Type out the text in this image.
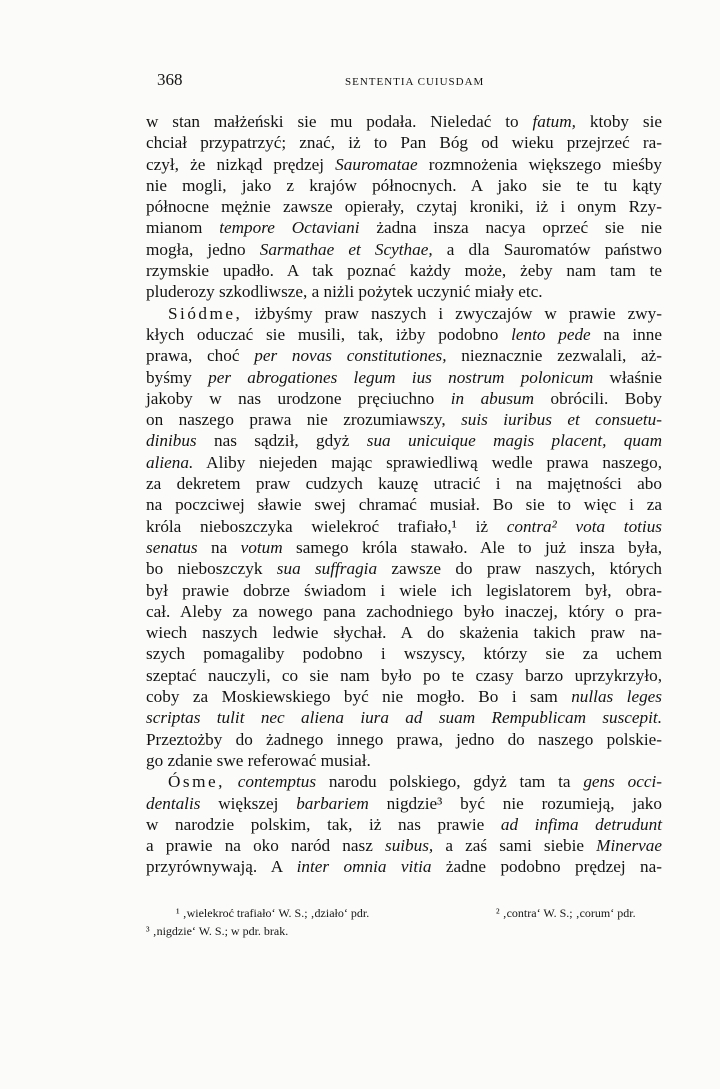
368	SENTENTIA CUIUSDAM
w stan małżeński sie mu podała. Nieledać to fatum, ktoby sie
chciał przypatrzyć; znać, iż to Pan Bóg od wieku przejrzeć ra-
czył, że nizkąd prędzej Sauromatae rozmnożenia większego mieśby
nie mogli, jako z krajów północnych. A jako sie te tu kąty
północne mężnie zawsze opierały, czytaj kroniki, iż i onym Rzy-
mianom tempore Octaviani żadna insza nacya oprzeć sie nie
mogła, jedno Sarmathae et Scythae, a dla Sauromatów państwo
rzymskie upadło. A tak poznać każdy może, żeby nam tam te
pluderozy szkodliwsze, a niżli pożytek uczynić miały etc.
Siódme, iżbyśmy praw naszych i zwyczajów w prawie zwy-
kłych oduczać sie musili, tak, iżby podobno lento pede na inne
prawa, choć per novas constitutiones, nieznacznie zezwalali, aż-
byśmy per abrogationes legum ius nostrum polonicum właśnie
jakoby w nas urodzone pręciuchno in abusum obrócili. Boby
on naszego prawa nie zrozumiawszy, suis iuribus et consuetu-
dinibus nas sądził, gdyż sua unicuique magis placent, quam
aliena. Aliby niejeden mając sprawiedliwą wedle prawa naszego,
za dekretem praw cudzych kauzę utracić i na majętności abo
na poczciwej sławie swej chramać musiał. Bo sie to więc i za
króla nieboszczyka wielekroć trafiało,¹ iż contra² vota totius
senatus na votum samego króla stawało. Ale to już insza była,
bo nieboszczyk sua suffragia zawsze do praw naszych, których
był prawie dobrze świadom i wiele ich legislatorem był, obra-
cał. Aleby za nowego pana zachodniego było inaczej, który o pra-
wiech naszych ledwie słychał. A do skażenia takich praw na-
szych pomagaliby podobno i wszyscy, którzy sie za uchem
szeptać nauczyli, co sie nam było po te czasy barzo uprzykrzyło,
coby za Moskiewskiego być nie mogło. Bo i sam nullas leges
scriptas tulit nec aliena iura ad suam Rempublicam suscepit.
Przeztożby do żadnego innego prawa, jedno do naszego polskie-
go zdanie swe referować musiał.
Ósme, contemptus narodu polskiego, gdyż tam ta gens occi-
dentalis większej barbariem nigdzie³ być nie rozumieją, jako
w narodzie polskim, tak, iż nas prawie ad infima detrudunt
a prawie na oko naród nasz suibus, a zaś sami siebie Minervae
przyrównywają. A inter omnia vitia żadne podobno prędzej na-
¹ ‚wielekroć trafiało‘ W. S.; ‚działo‘ pdr.	² ‚contra‘ W. S.; ‚corum‘ pdr.
³ ‚nigdzie‘ W. S.; w pdr. brak.
